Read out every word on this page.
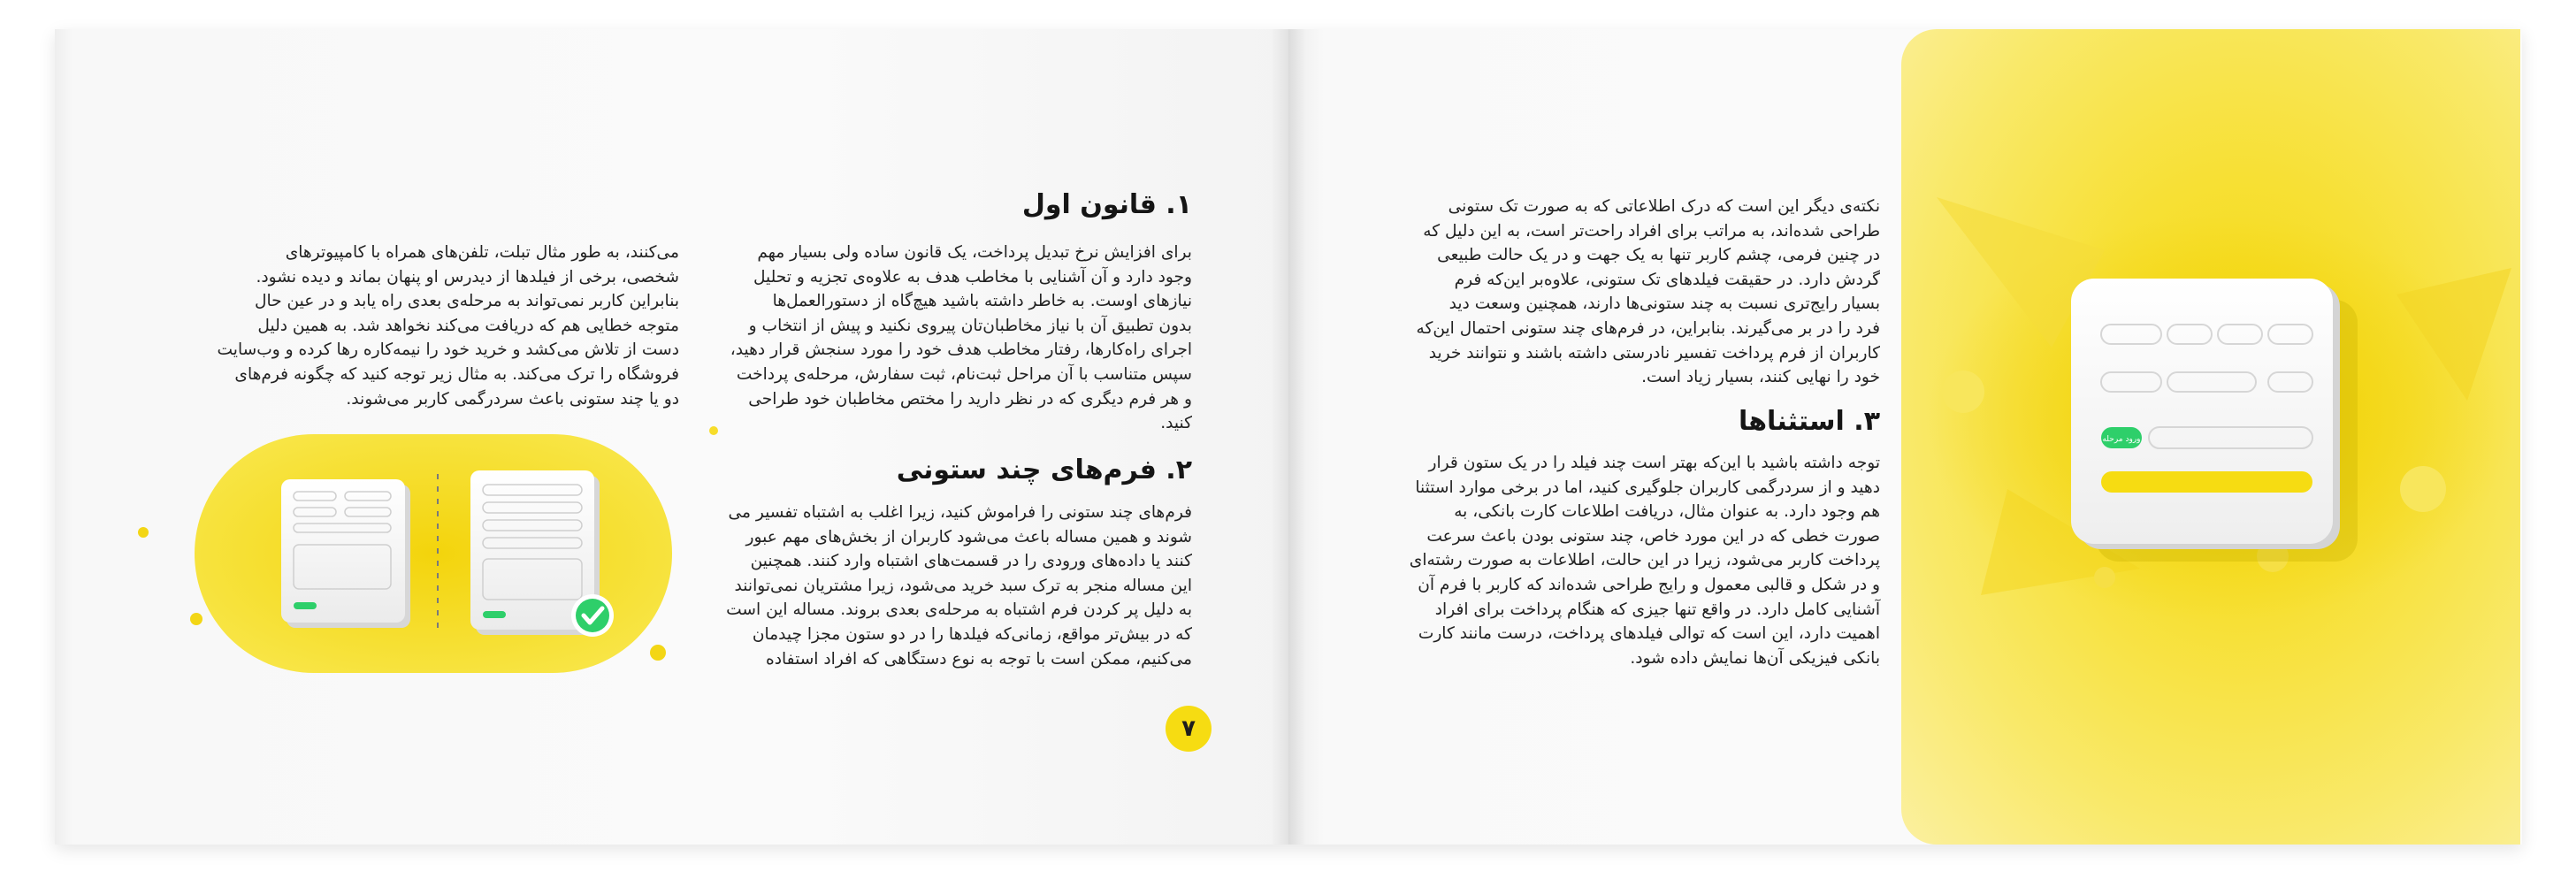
۱. قانون اول
برای افزایش نرخ تبدیل پرداخت، یک قانون ساده ولی بسیار مهم
وجود دارد و آن آشنایی با مخاطب هدف به علاوه‌ی تجزیه و تحلیل
نیازهای اوست. به خاطر داشته باشید هیچ‌گاه از دستورالعمل‌ها
بدون تطبیق آن با نیاز مخاطبان‌تان پیروی نکنید و پیش از انتخاب و
اجرای راه‌کارها، رفتار مخاطب هدف خود را مورد سنجش قرار دهید،
سپس متناسب با آن مراحل ثبت‌نام، ثبت سفارش، مرحله‌ی پرداخت
و هر فرم دیگری که در نظر دارید را مختص مخاطبان خود طراحی
کنید.
۲. فرم‌های چند ستونی
فرم‌های چند ستونی را فراموش کنید، زیرا اغلب به اشتباه تفسیر می
شوند و همین مساله باعث می‌شود کاربران از بخش‌های مهم عبور
کنند یا داده‌های ورودی را در قسمت‌های اشتباه وارد کنند. همچنین
این مساله منجر به ترک سبد خرید می‌شود، زیرا مشتریان نمی‌توانند
به دلیل پر کردن فرم اشتباه به مرحله‌ی بعدی بروند. مساله این است
که در بیش‌تر مواقع، زمانی‌که فیلدها را در دو ستون مجزا چیدمان
می‌کنیم، ممکن است با توجه به نوع دستگاهی که افراد استفاده
می‌کنند، به طور مثال تبلت، تلفن‌های همراه با کامپیوترهای
شخصی، برخی از فیلدها از دیدرس او پنهان بماند و دیده نشود.
بنابراین کاربر نمی‌تواند به مرحله‌ی بعدی راه یابد و در عین حال
متوجه خطایی هم که دریافت می‌کند نخواهد شد. به همین دلیل
دست از تلاش می‌کشد و خرید خود را نیمه‌کاره رها کرده و وب‌سایت
فروشگاه را ترک می‌کند. به مثال زیر توجه کنید که چگونه فرم‌های
دو یا چند ستونی باعث سردرگمی کاربر می‌شوند.
۷
نکته‌ی دیگر این است که درک اطلاعاتی که به صورت تک ستونی
طراحی شده‌اند، به مراتب برای افراد راحت‌تر است، به این دلیل که
در چنین فرمی، چشم کاربر تنها به یک جهت و در یک حالت طبیعی
گردش دارد. در حقیقت فیلدهای تک ستونی، علاوه‌بر این‌که فرم
بسیار رایج‌تری نسبت به چند ستونی‌ها دارند، همچنین وسعت دید
فرد را در بر می‌گیرند. بنابراین، در فرم‌های چند ستونی احتمال این‌که
کاربران از فرم پرداخت تفسیر نادرستی داشته باشند و نتوانند خرید
خود را نهایی کنند، بسیار زیاد است.
۳. استثناها
توجه داشته باشید با این‌که بهتر است چند فیلد را در یک ستون قرار
دهید و از سردرگمی کاربران جلوگیری کنید، اما در برخی موارد استثنا
هم وجود دارد. به عنوان مثال، دریافت اطلاعات کارت بانکی، به
صورت خطی که در این مورد خاص، چند ستونی بودن باعث سرعت
پرداخت کاربر می‌شود، زیرا در این حالت، اطلاعات به صورت رشته‌ای
و در شکل و قالبی معمول و رایج طراحی شده‌اند که کاربر با فرم آن
آشنایی کامل دارد. در واقع تنها جیزی که هنگام پرداخت برای افراد
اهمیت دارد، این است که توالی فیلدهای پرداخت، درست مانند کارت
بانکی فیزیکی آن‌ها نمایش داده شود.
ورود مرحله
